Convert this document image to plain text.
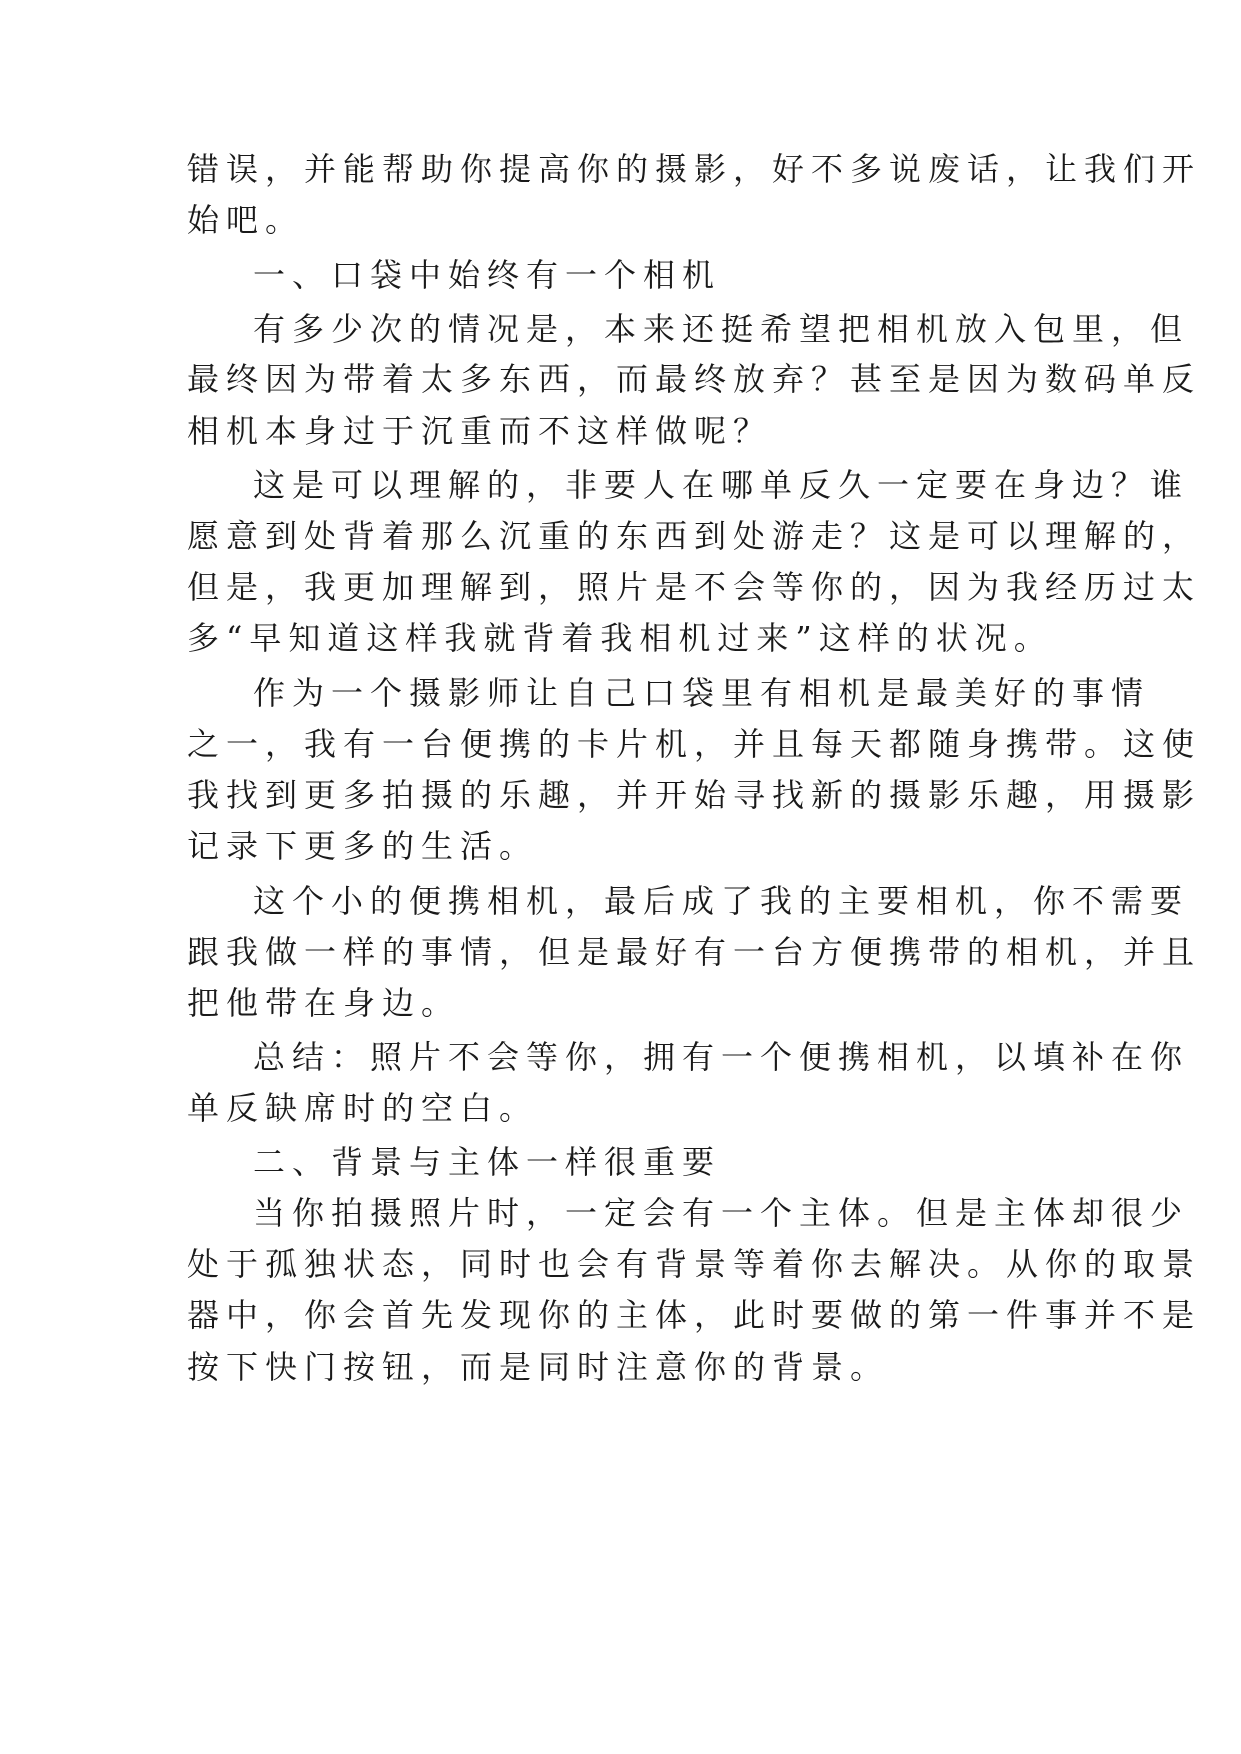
错误，并能帮助你提高你的摄影，好不多说废话，让我们开

始吧。

一、口袋中始终有一个相机

有多少次的情况是，本来还挺希望把相机放入包里，但

最终因为带着太多东西，而最终放弃？甚至是因为数码单反

相机本身过于沉重而不这样做呢？

这是可以理解的，非要人在哪单反久一定要在身边？谁

愿意到处背着那么沉重的东西到处游走？这是可以理解的，

但是，我更加理解到，照片是不会等你的，因为我经历过太

多“早知道这样我就背着我相机过来”这样的状况。

作为一个摄影师让自己口袋里有相机是最美好的事情

之一，我有一台便携的卡片机，并且每天都随身携带。这使

我找到更多拍摄的乐趣，并开始寻找新的摄影乐趣，用摄影

记录下更多的生活。

这个小的便携相机，最后成了我的主要相机，你不需要

跟我做一样的事情，但是最好有一台方便携带的相机，并且

把他带在身边。

总结：照片不会等你，拥有一个便携相机，以填补在你

单反缺席时的空白。

二、背景与主体一样很重要

当你拍摄照片时，一定会有一个主体。但是主体却很少

处于孤独状态，同时也会有背景等着你去解决。从你的取景

器中，你会首先发现你的主体，此时要做的第一件事并不是

按下快门按钮，而是同时注意你的背景。
